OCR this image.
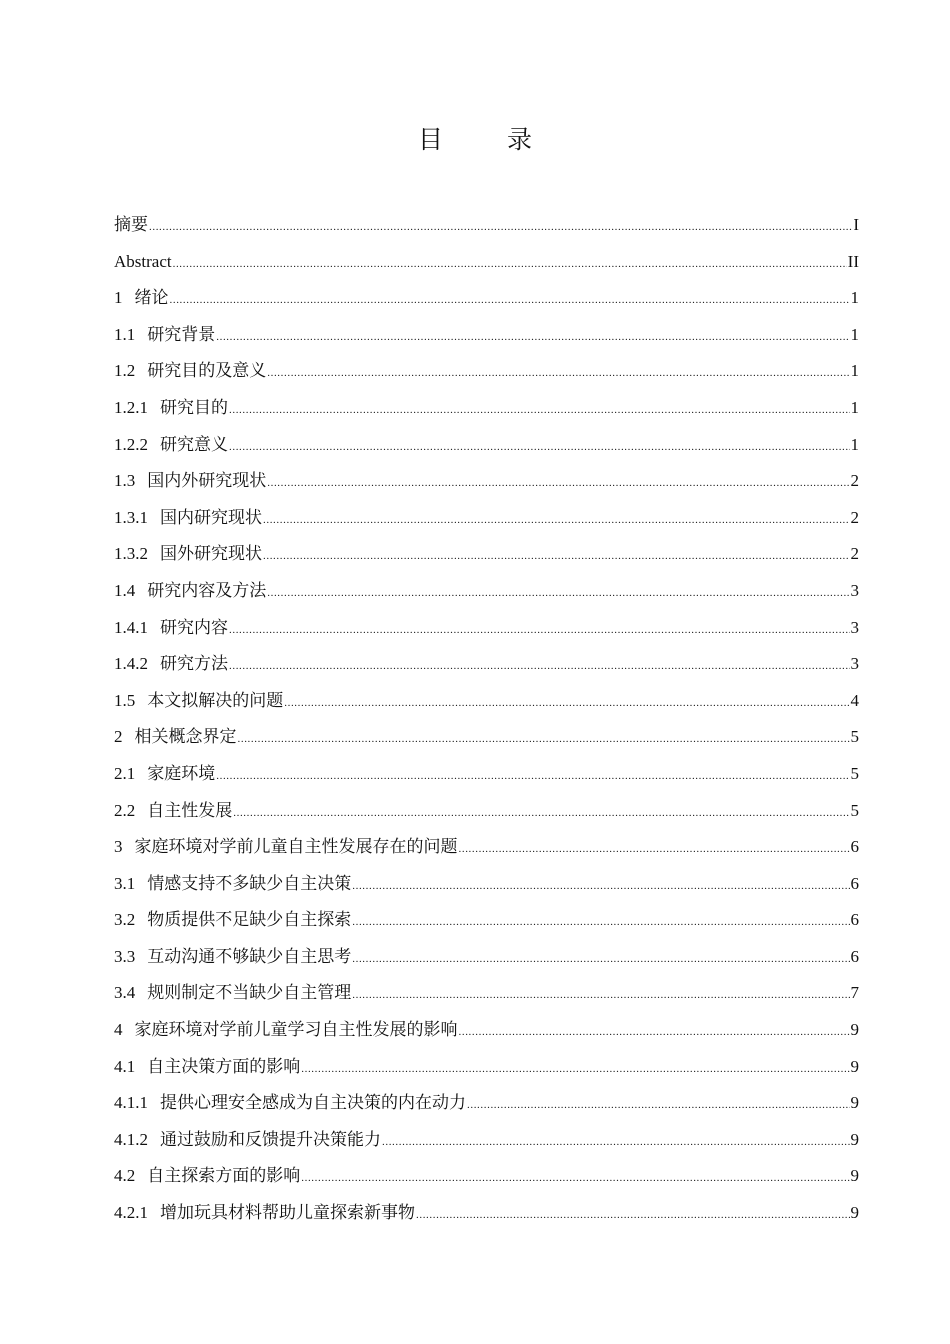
目 录
摘要 .....	I
Abstract .....	II
1 绪论 .....	1
1.1 研究背景 .....	1
1.2 研究目的及意义 .....	1
1.2.1 研究目的 .....	1
1.2.2 研究意义 .....	1
1.3 国内外研究现状 .....	2
1.3.1 国内研究现状 .....	2
1.3.2 国外研究现状 .....	2
1.4 研究内容及方法 .....	3
1.4.1 研究内容 .....	3
1.4.2 研究方法 .....	3
1.5 本文拟解决的问题 .....	4
2 相关概念界定 .....	5
2.1 家庭环境 .....	5
2.2 自主性发展 .....	5
3 家庭环境对学前儿童自主性发展存在的问题 .....	6
3.1 情感支持不多缺少自主决策 .....	6
3.2 物质提供不足缺少自主探索 .....	6
3.3 互动沟通不够缺少自主思考 .....	6
3.4 规则制定不当缺少自主管理 .....	7
4 家庭环境对学前儿童学习自主性发展的影响 .....	9
4.1 自主决策方面的影响 .....	9
4.1.1 提供心理安全感成为自主决策的内在动力 .....	9
4.1.2 通过鼓励和反馈提升决策能力 .....	9
4.2 自主探索方面的影响 .....	9
4.2.1 增加玩具材料帮助儿童探索新事物 .....	9
